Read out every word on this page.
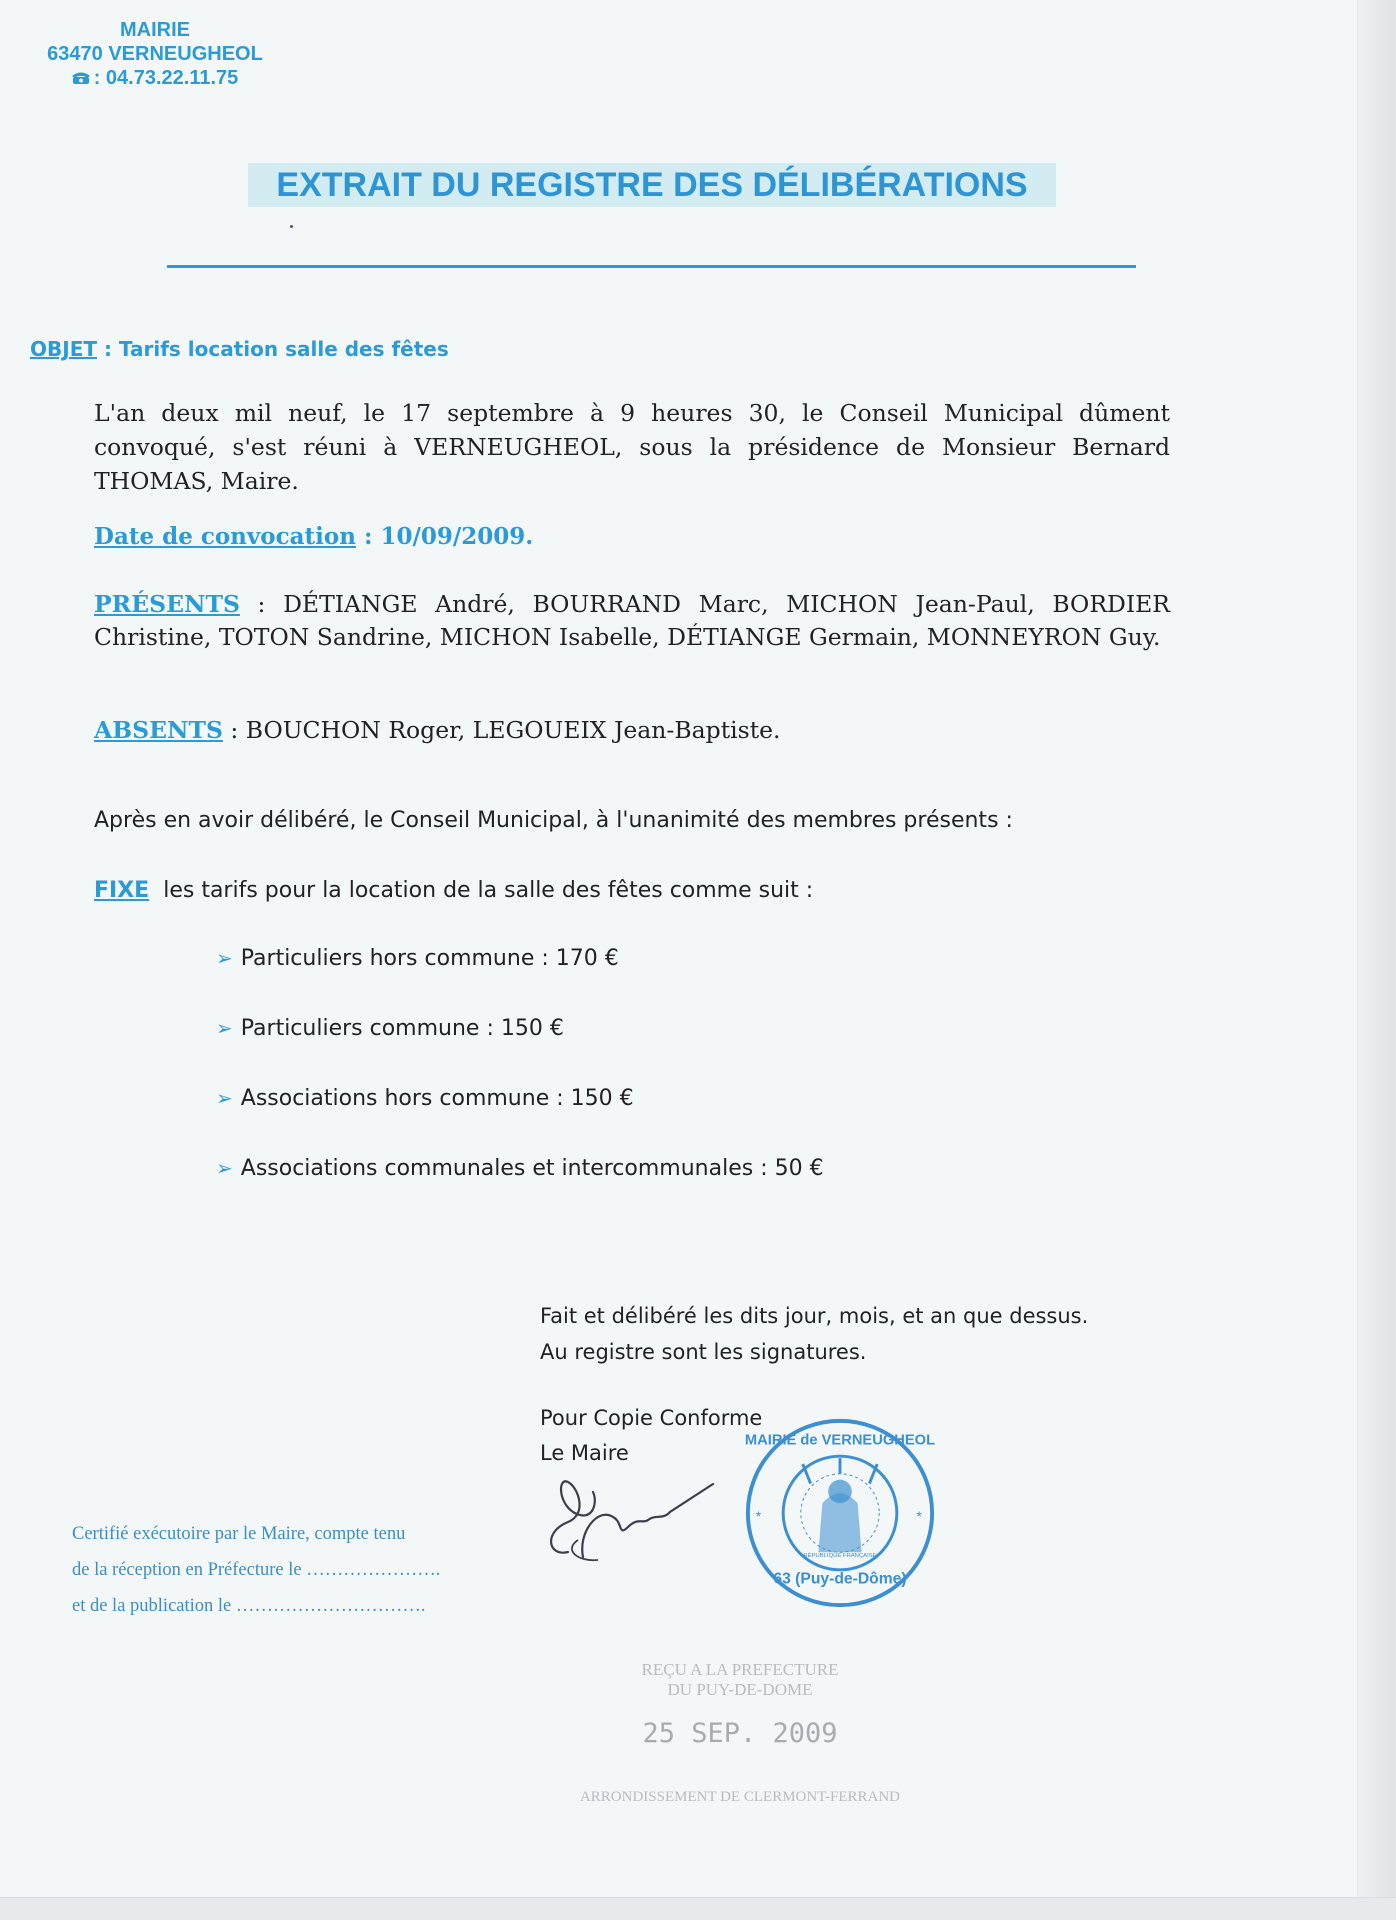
MAIRIE
63470 VERNEUGHEOL
: 04.73.22.11.75
EXTRAIT DU REGISTRE DES DÉLIBÉRATIONS
OBJET : Tarifs location salle des fêtes
L'an deux mil neuf, le 17 septembre à 9 heures 30, le Conseil Municipal dûment convoqué, s'est réuni à VERNEUGHEOL, sous la présidence de Monsieur Bernard THOMAS, Maire.
Date de convocation : 10/09/2009.
PRÉSENTS : DÉTIANGE André, BOURRAND Marc, MICHON Jean-Paul, BORDIER Christine, TOTON Sandrine, MICHON Isabelle, DÉTIANGE Germain, MONNEYRON Guy.
ABSENTS : BOUCHON Roger, LEGOUEIX Jean-Baptiste.
Après en avoir délibéré, le Conseil Municipal, à l'unanimité des membres présents :
FIXE les tarifs pour la location de la salle des fêtes comme suit :
➢ Particuliers hors commune : 170 €
➢ Particuliers commune : 150 €
➢ Associations hors commune : 150 €
➢ Associations communales et intercommunales : 50 €
Fait et délibéré les dits jour, mois, et an que dessus.
Au registre sont les signatures.
Pour Copie Conforme
Le Maire
63 (Puy-de-Dôme)
MAIRIE de VERNEUGHEOL
RÉPUBLIQUE FRANÇAISE
*	*
Certifié exécutoire par le Maire, compte tenu
de la réception en Préfecture le ………………….
et de la publication le ………………………….
REÇU A LA PREFECTURE
DU PUY-DE-DOME
25 SEP. 2009
ARRONDISSEMENT DE CLERMONT-FERRAND
